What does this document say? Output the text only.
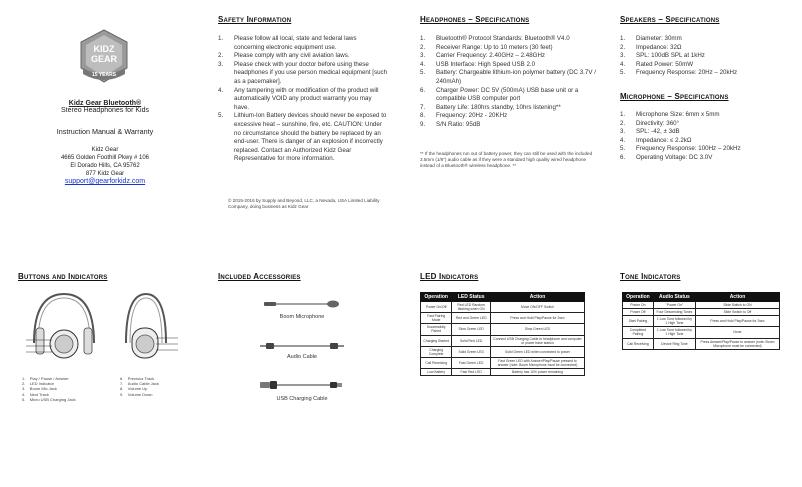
KIDZ
GEAR
15 YEARS
Kidz Gear Bluetooth®
Stereo Headphones for Kids
Instruction Manual & Warranty
Kidz Gear
4665 Golden Foothill Pkwy # 106
El Dorado Hills, CA 95762
877 Kidz Gear
support@gearforkidz.com
Safety Information
1. Please follow all local, state and federal laws concerning electronic equipment use.
2. Please comply with any civil aviation laws.
3. Please check with your doctor before using these headphones if you use person medical equipment [such as a pacemaker].
4. Any tampering with or modification of the product will automatically VOID any product warranty you may have.
5. Lithium-Ion Battery devices should never be exposed to excessive heat – sunshine, fire, etc. CAUTION: Under no circumstance should the battery be replaced by an end-user. There is danger of an explosion if incorrectly replaced. Contact an Authorized Kidz Gear Representative for more information.
© 2015-2016 by Supply and Beyond, LLC, a Nevada, USA Limited Liability Company, doing business as Kidz Gear
Headphones – Specifications
1. Bluetooth® Protocol Standards: Bluetooth® V4.0
2. Receiver Range: Up to 10 meters (30 feet)
3. Carrier Frequency: 2.40GHz – 2.48GHz
4. USB Interface: High Speed USB 2.0
5. Battery: Chargeable lithium-ion polymer battery (DC 3.7V / 240mAh)
6. Charger Power: DC 5V (500mA) USB base unit or a compatible USB computer port
7. Battery Life: 180hrs standby, 10hrs listening**
8. Frequency: 20Hz - 20KHz
9. S/N Ratio: 95dB
** If the headphones run out of battery power, they can still be used with the included 3.5mm (1/8") audio cable as if they were a standard high quality wired headphone instead of a Bluetooth® wireless headphone. **
Speakers – Specifications
1. Diameter: 30mm
2. Impedance: 32Ω
3. SPL: 100dB SPL at 1kHz
4. Rated Power: 50mW
5. Frequency Response: 20Hz – 20kHz
Microphone – Specifications
1. Microphone Size: 6mm x 5mm
2. Directivity: 360°
3. SPL: -42, ± 3dB
4. Impedance: ≤ 2.2kΩ
5. Frequency Response: 100Hz – 20kHz
6. Operating Voltage: DC 3.0V
Buttons and Indicators
1.    Play / Pause / Answer
2.    LED Indicator
3.    Boom Mic Jack
4.    Next Track
5.    Micro USB Charging Jack
6.    Previous Track
7.    Audio Cable Jack
8.    Volume Up
9.    Volume Down
Included Accessories
Boom Microphone
Audio Cable
USB Charging Cable
LED Indicators
Operation	LED Status	Action
Power On/Off	Red LED Random flashing when ON	Move ON/OFF Switch
Fast Pairing Mode	Red and Green LED	Press and Hold Play/Pause for 2sec
Successfully Paired	Slow Green LED	Slow Green LED
Charging Started	Solid Red LED	Connect USB Charging Cable to headphone and computer or power base station
Charging Complete	Solid Green LED	Solid Green LED when connected to power
Call Receiving	Fast Green LED	Fast Green LED with Answer/Play/Pause pressed to answer (note: Boom Microphone must be connected)
Low Battery	Fast Red LED	Battery has 10% power remaining
Tone Indicators
Operation	Audio Status	Action
Power On	"Power On"	Slide Switch to ON
Power Off	Four Descending Tones	Slide Switch to Off
Start Pairing	1 Low Tone followed by 1 High Tone	Press and Hold Play/Pause for 2sec
Completed Pairing	1 Low Tone followed by 1 High Tone	None
Call Receiving	Device Ring Tone	Press Answer/Play/Pause to answer (note: Boom Microphone must be connected)
